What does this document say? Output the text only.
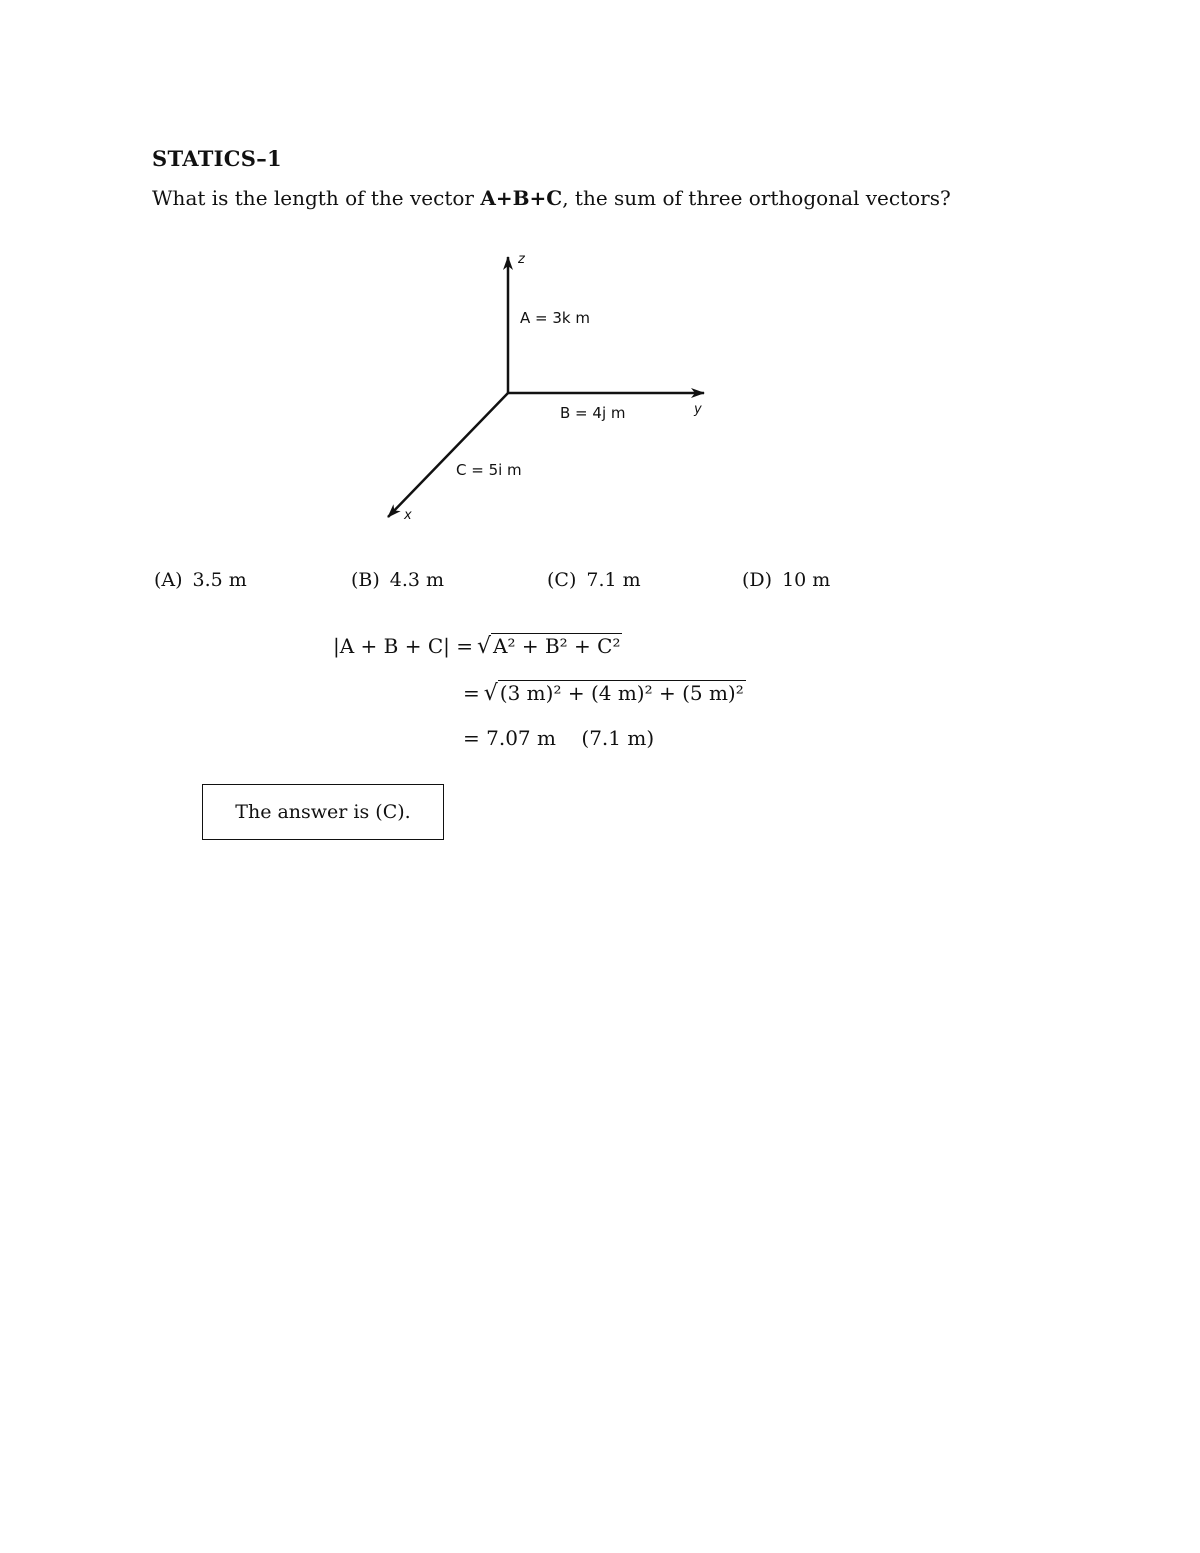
STATICS–1
What is the length of the vector A+B+C, the sum of three orthogonal vectors?
z
A = 3k m
B = 4j m	y
C = 5i m
x
(A) 3.5 m	(B) 4.3 m	(C) 7.1 m	(D) 10 m
|A + B + C| = √ A² + B² + C²
= √ (3 m)² + (4 m)² + (5 m)²
= 7.07 m    (7.1 m)
The answer is (C).
